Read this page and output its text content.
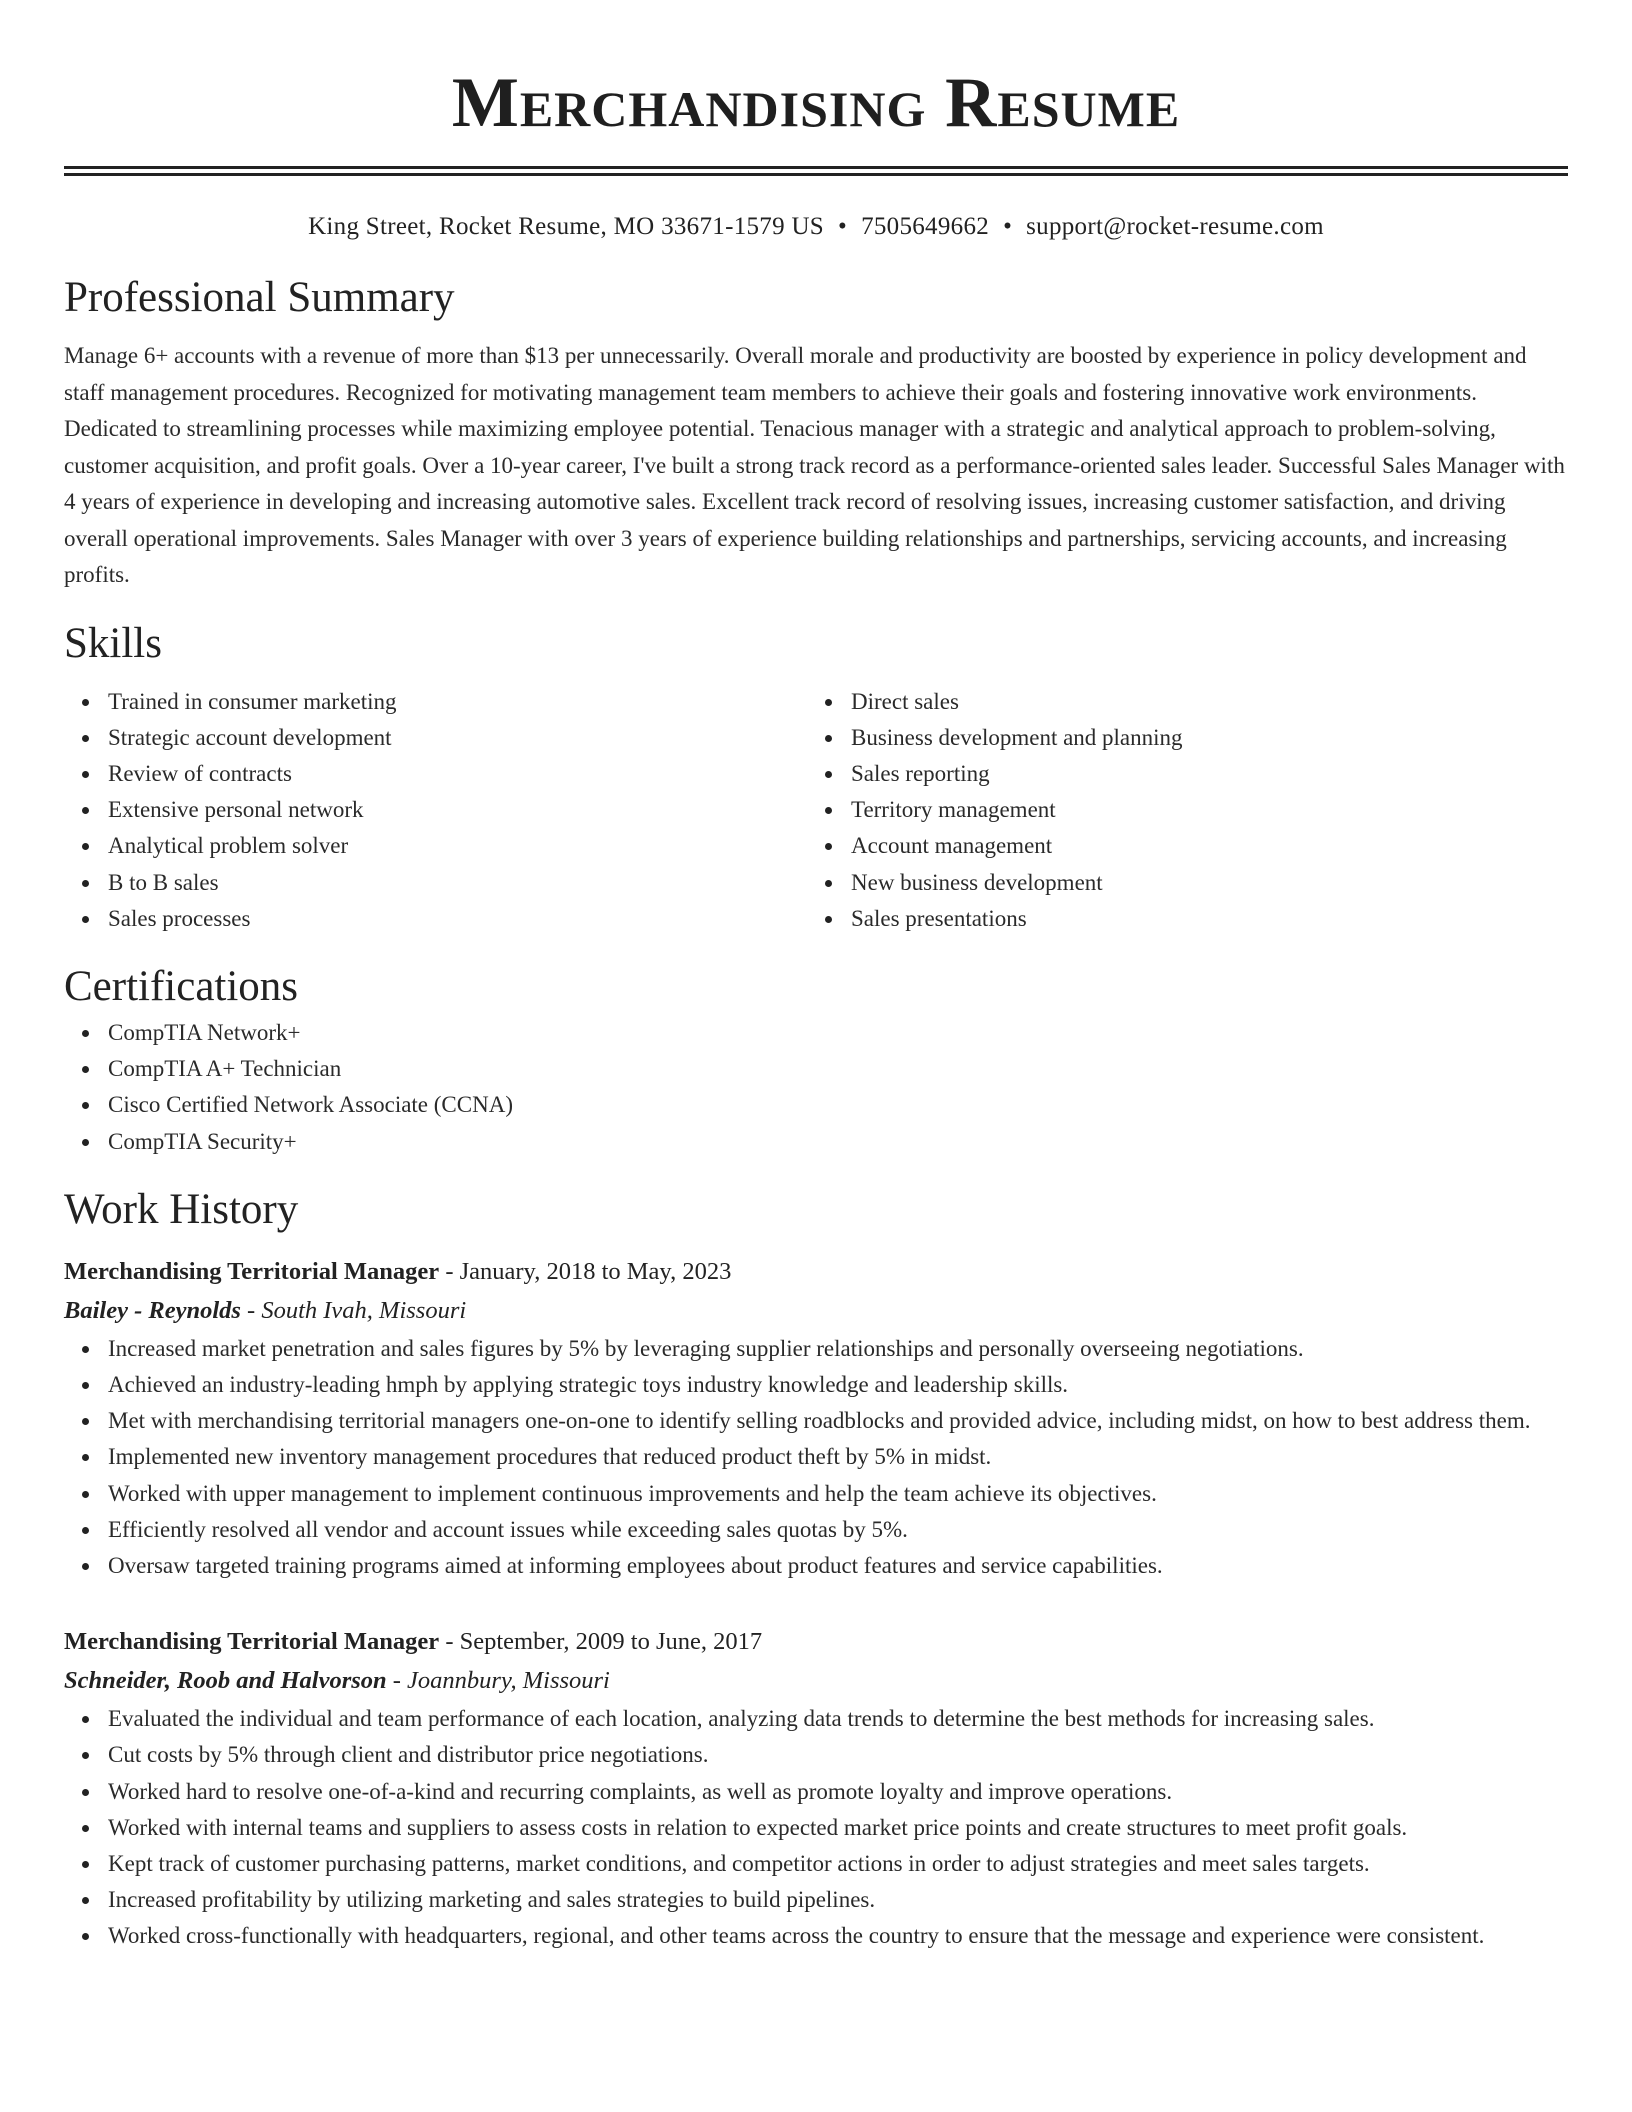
Merchandising Resume
King Street, Rocket Resume, MO 33671-1579 US • 7505649662 • support@rocket-resume.com
Professional Summary

Manage 6+ accounts with a revenue of more than $13 per unnecessarily. Overall morale and productivity are boosted by experience in policy development and staff management procedures. Recognized for motivating management team members to achieve their goals and fostering innovative work environments. Dedicated to streamlining processes while maximizing employee potential. Tenacious manager with a strategic and analytical approach to problem-solving, customer acquisition, and profit goals. Over a 10-year career, I've built a strong track record as a performance-oriented sales leader. Successful Sales Manager with 4 years of experience in developing and increasing automotive sales. Excellent track record of resolving issues, increasing customer satisfaction, and driving overall operational improvements. Sales Manager with over 3 years of experience building relationships and partnerships, servicing accounts, and increasing profits.

Skills
Trained in consumer marketing
Strategic account development
Review of contracts
Extensive personal network
Analytical problem solver
B to B sales
Sales processes
Direct sales
Business development and planning
Sales reporting
Territory management
Account management
New business development
Sales presentations
Certifications
CompTIA Network+
CompTIA A+ Technician
Cisco Certified Network Associate (CCNA)
CompTIA Security+
Work History
Merchandising Territorial Manager - January, 2018 to May, 2023
Bailey - Reynolds - South Ivah, Missouri
Increased market penetration and sales figures by 5% by leveraging supplier relationships and personally overseeing negotiations.
Achieved an industry-leading hmph by applying strategic toys industry knowledge and leadership skills.
Met with merchandising territorial managers one-on-one to identify selling roadblocks and provided advice, including midst, on how to best address them.
Implemented new inventory management procedures that reduced product theft by 5% in midst.
Worked with upper management to implement continuous improvements and help the team achieve its objectives.
Efficiently resolved all vendor and account issues while exceeding sales quotas by 5%.
Oversaw targeted training programs aimed at informing employees about product features and service capabilities.
Merchandising Territorial Manager - September, 2009 to June, 2017
Schneider, Roob and Halvorson - Joannbury, Missouri
Evaluated the individual and team performance of each location, analyzing data trends to determine the best methods for increasing sales.
Cut costs by 5% through client and distributor price negotiations.
Worked hard to resolve one-of-a-kind and recurring complaints, as well as promote loyalty and improve operations.
Worked with internal teams and suppliers to assess costs in relation to expected market price points and create structures to meet profit goals.
Kept track of customer purchasing patterns, market conditions, and competitor actions in order to adjust strategies and meet sales targets.
Increased profitability by utilizing marketing and sales strategies to build pipelines.
Worked cross-functionally with headquarters, regional, and other teams across the country to ensure that the message and experience were consistent.
